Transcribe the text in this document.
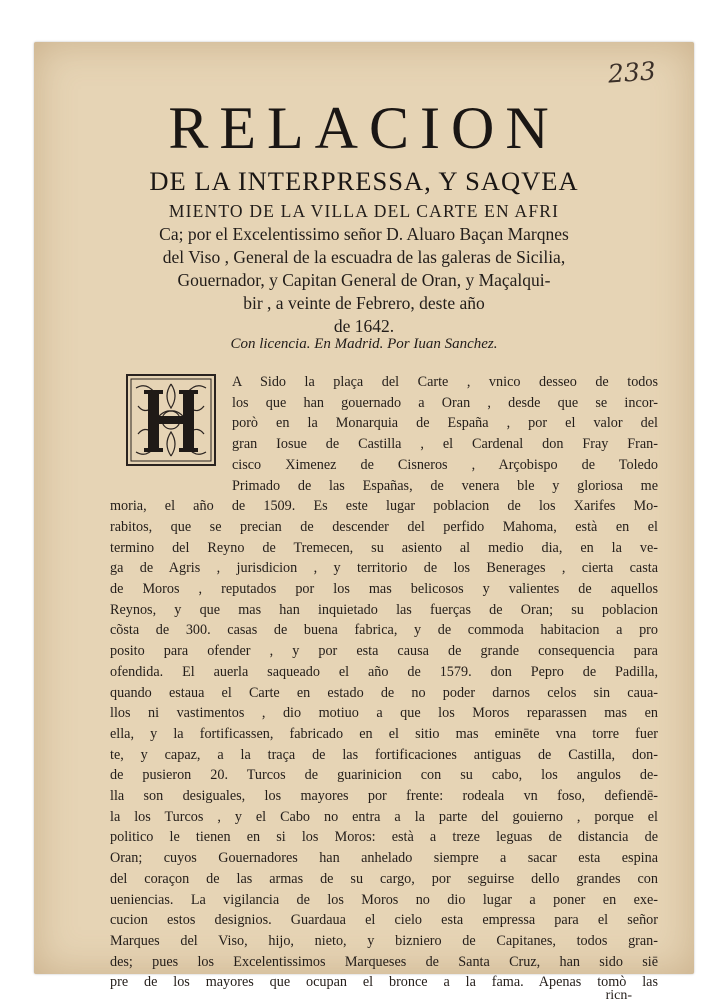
233
RELACION
DE LA INTERPRESSA, Y SAQVEA
MIENTO DE LA VILLA DEL CARTE EN AFRI
Ca; por el Excelentissimo señor D. Aluaro Baçan Marqnes
del Viso , General de la escuadra de las galeras de Sicilia,
Gouernador, y Capitan General de Oran, y Maçalqui-
bir , a veinte de Febrero, deste año
de 1642.
Con licencia. En Madrid. Por Iuan Sanchez.
A Sido la plaça del Carte , vnico desseo de todos
los que han gouernado a Oran , desde que se incor-
porò en la Monarquia de España , por el valor del
gran Iosue de Castilla , el Cardenal don Fray Fran-
cisco Ximenez de Cisneros , Arçobispo de Toledo
Primado de las Españas, de venera ble y gloriosa me
moria, el año de 1509. Es este lugar poblacion de los Xarifes Mo-
rabitos, que se precian de descender del perfido Mahoma, està en el
termino del Reyno de Tremecen, su asiento al medio dia, en la ve-
ga de Agris , jurisdicion , y territorio de los Benerages , cierta casta
de Moros , reputados por los mas belicosos y valientes de aquellos
Reynos, y que mas han inquietado las fuerças de Oran; su poblacion
cõsta de 300. casas de buena fabrica, y de commoda habitacion a pro
posito para ofender , y por esta causa de grande consequencia para
ofendida. El auerla saqueado el año de 1579. don Pepro de Padilla,
quando estaua el Carte en estado de no poder darnos celos sin caua-
llos ni vastimentos , dio motiuo a que los Moros reparassen mas en
ella, y la fortificassen, fabricado en el sitio mas eminēte vna torre fuer
te, y capaz, a la traça de las fortificaciones antiguas de Castilla, don-
de pusieron 20. Turcos de guarinicion con su cabo, los angulos de-
lla son desiguales, los mayores por frente: rodeala vn foso, defiendē-
la los Turcos , y el Cabo no entra a la parte del gouierno , porque el
politico le tienen en si los Moros: està a treze leguas de distancia de
Oran; cuyos Gouernadores han anhelado siempre a sacar esta espina
del coraçon de las armas de su cargo, por seguirse dello grandes con
ueniencias. La vigilancia de los Moros no dio lugar a poner en exe-
cucion estos designios. Guardaua el cielo esta empressa para el señor
Marques del Viso, hijo, nieto, y bizniero de Capitanes, todos gran-
des; pues los Excelentissimos Marqueses de Santa Cruz, han sido siē
pre de los mayores que ocupan el bronce a la fama. Apenas tomò las
ricn-
